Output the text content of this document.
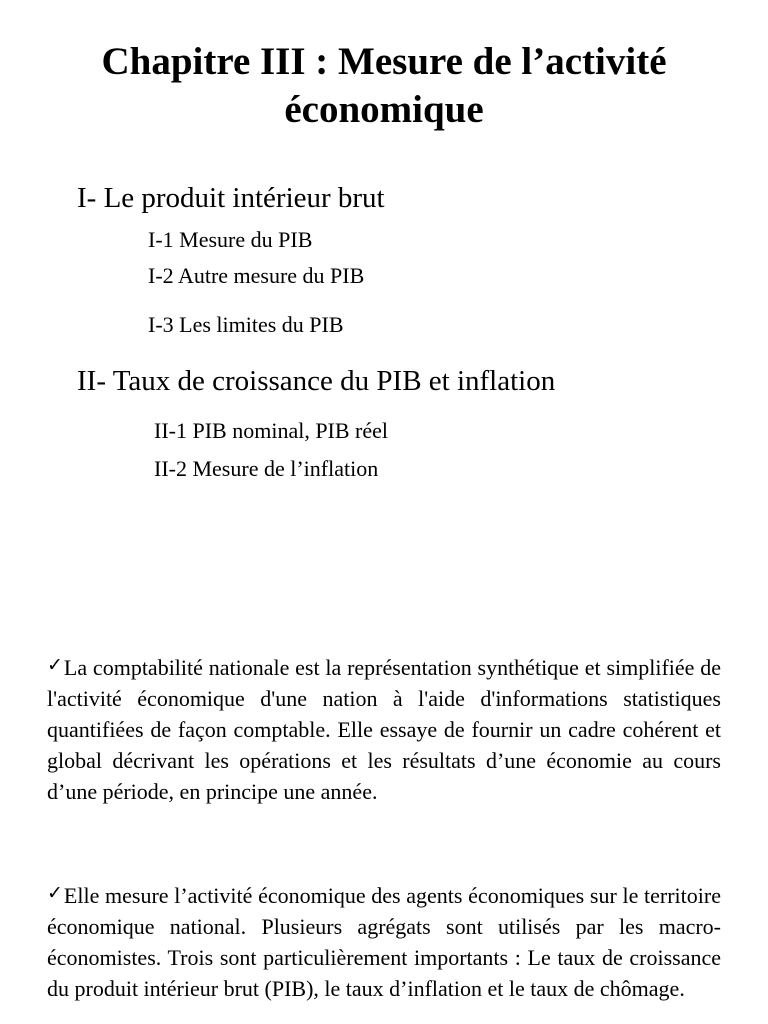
Chapitre III : Mesure de l’activité
économique

I- Le produit intérieur brut

I-1 Mesure du PIB

I-2 Autre mesure du PIB

I-3 Les limites du PIB

II- Taux de croissance du PIB et inflation

II-1 PIB nominal, PIB réel

II-2 Mesure de l’inflation

✓La comptabilité nationale est la représentation synthétique et simplifiée de l'activité économique d'une nation à l'aide d'informations statistiques quantifiées de façon comptable. Elle essaye de fournir un cadre cohérent et global décrivant les opérations et les résultats d’une économie au cours d’une période, en principe une année.

✓Elle mesure l’activité économique des agents économiques sur le territoire économique national. Plusieurs agrégats sont utilisés par les macro-économistes. Trois sont particulièrement importants : Le taux de croissance du produit intérieur brut (PIB), le taux d’inflation et le taux de chômage.
